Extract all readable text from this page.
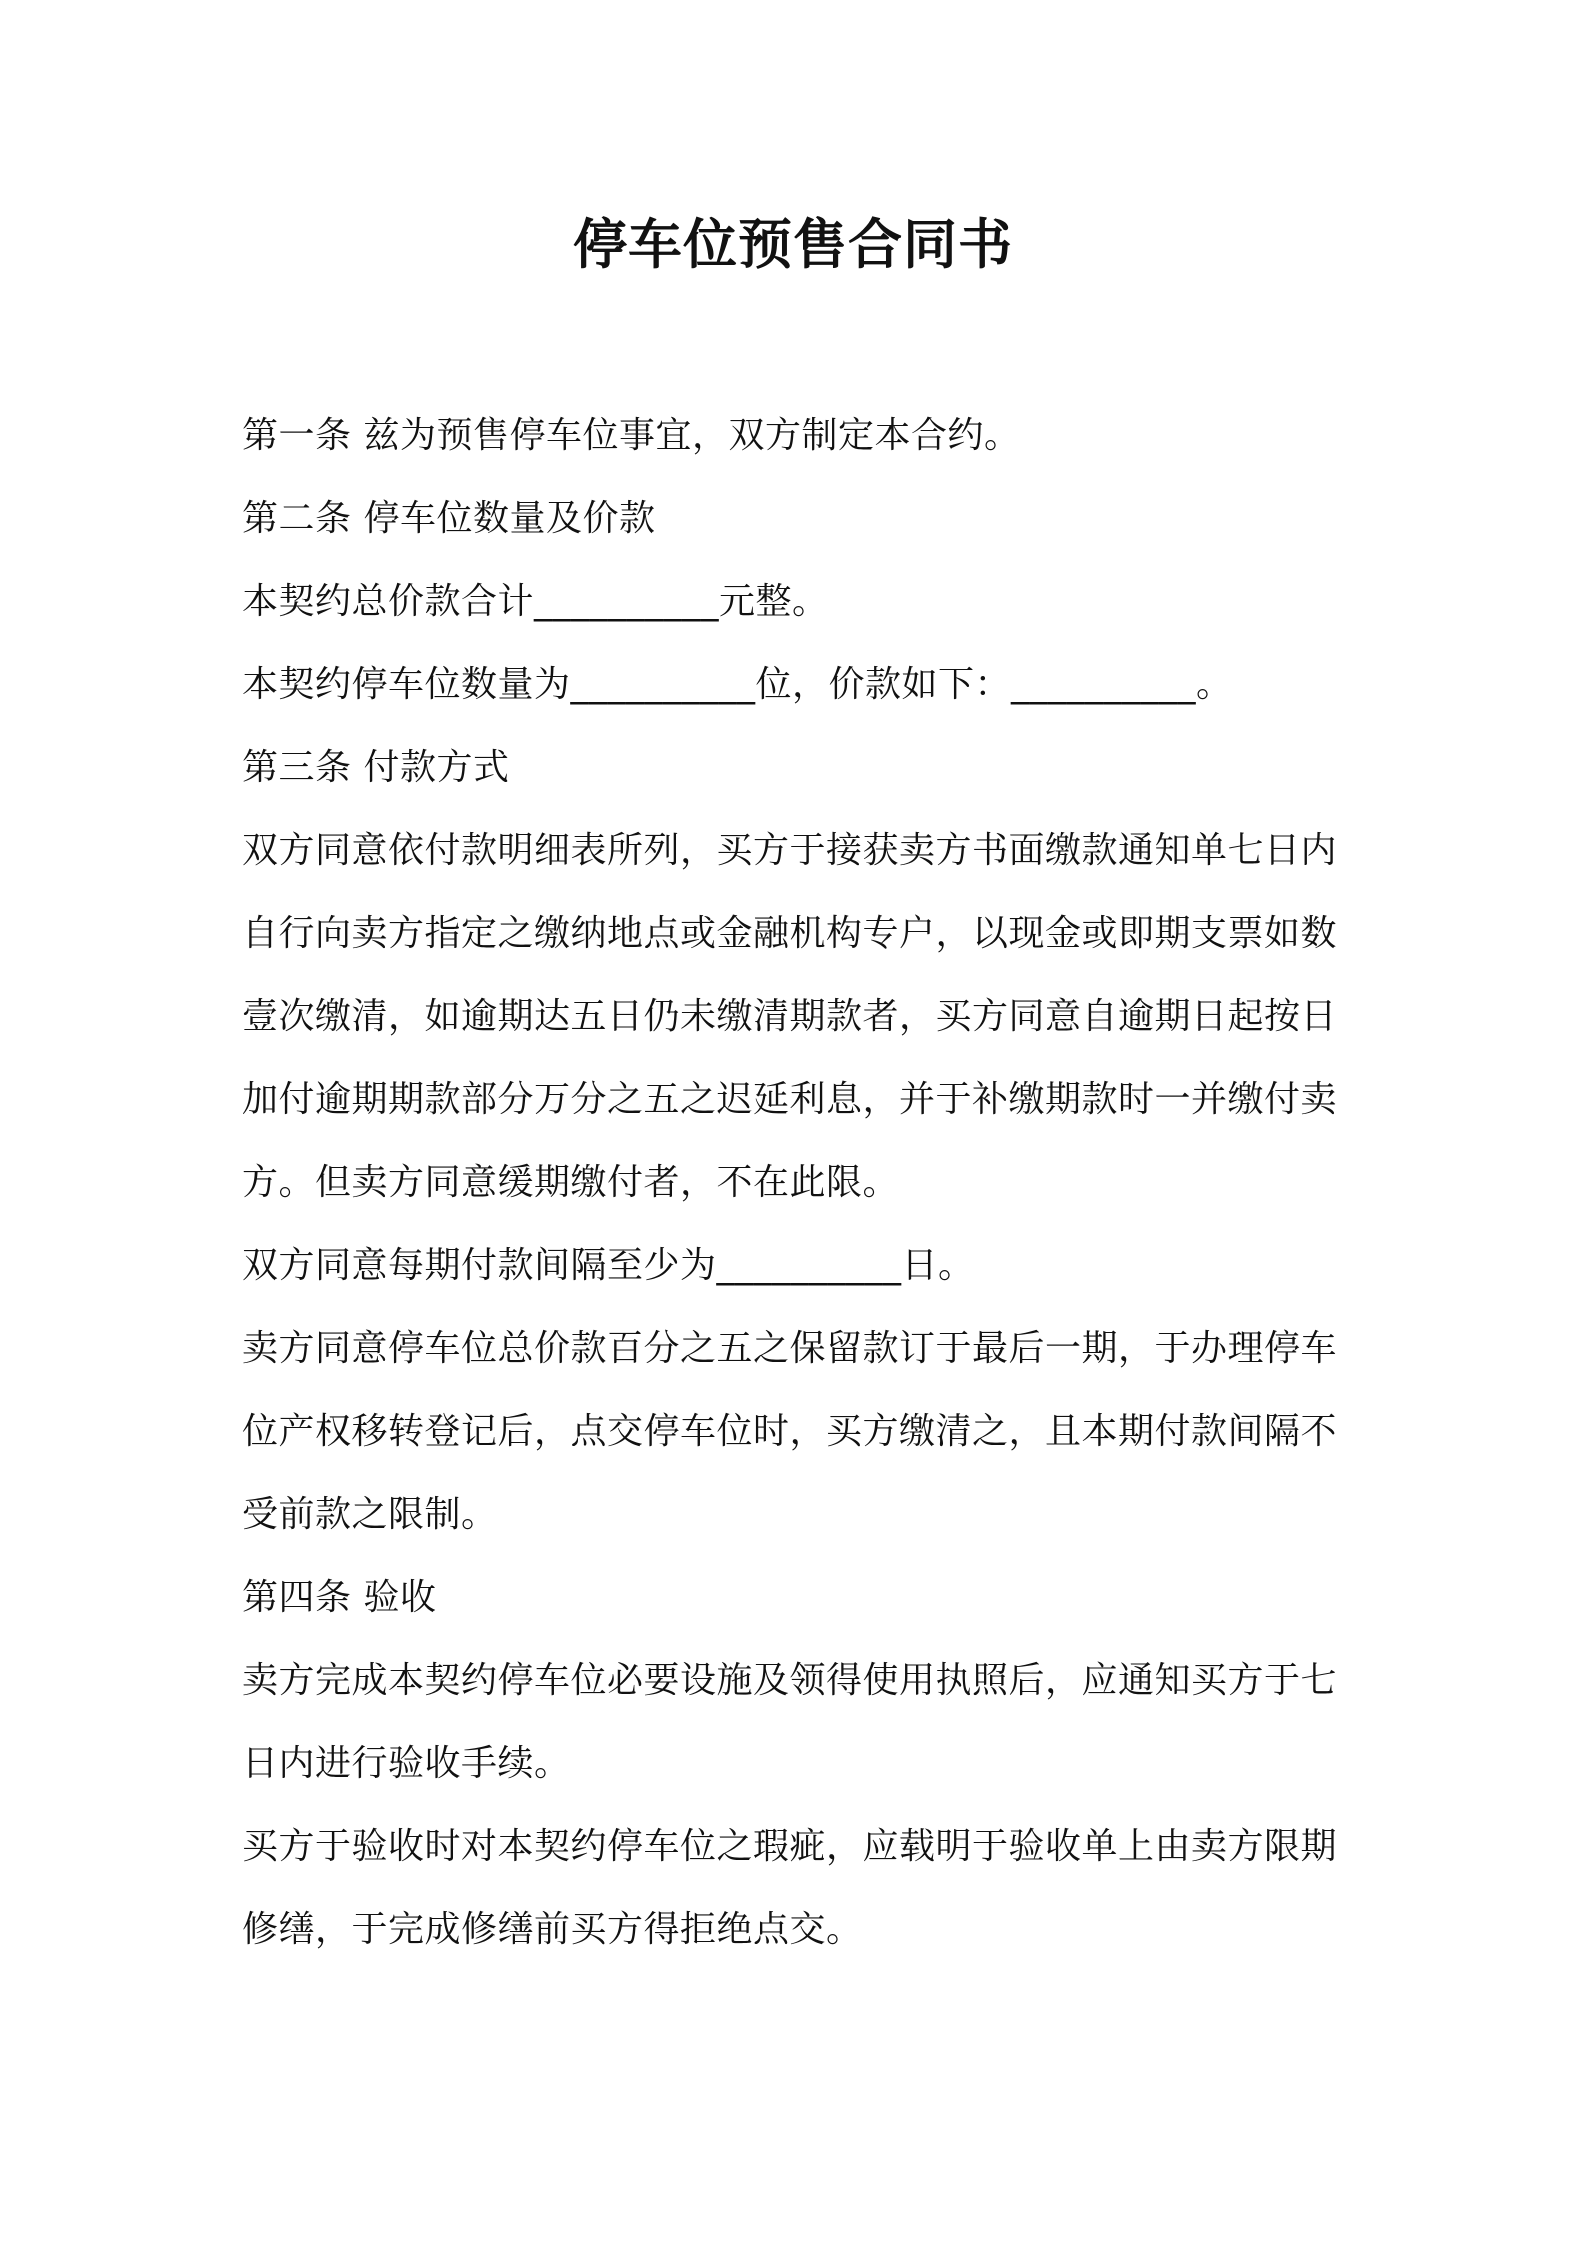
停车位预售合同书
第一条 兹为预售停车位事宜，双方制定本合约。
第二条 停车位数量及价款
本契约总价款合计__________元整。
本契约停车位数量为__________位，价款如下：__________。
第三条 付款方式
双方同意依付款明细表所列，买方于接获卖方书面缴款通知单七日内
自行向卖方指定之缴纳地点或金融机构专户，以现金或即期支票如数
壹次缴清，如逾期达五日仍未缴清期款者，买方同意自逾期日起按日
加付逾期期款部分万分之五之迟延利息，并于补缴期款时一并缴付卖
方。但卖方同意缓期缴付者，不在此限。
双方同意每期付款间隔至少为__________日。
卖方同意停车位总价款百分之五之保留款订于最后一期，于办理停车
位产权移转登记后，点交停车位时，买方缴清之，且本期付款间隔不
受前款之限制。
第四条 验收
卖方完成本契约停车位必要设施及领得使用执照后，应通知买方于七
日内进行验收手续。
买方于验收时对本契约停车位之瑕疵，应载明于验收单上由卖方限期
修缮，于完成修缮前买方得拒绝点交。
